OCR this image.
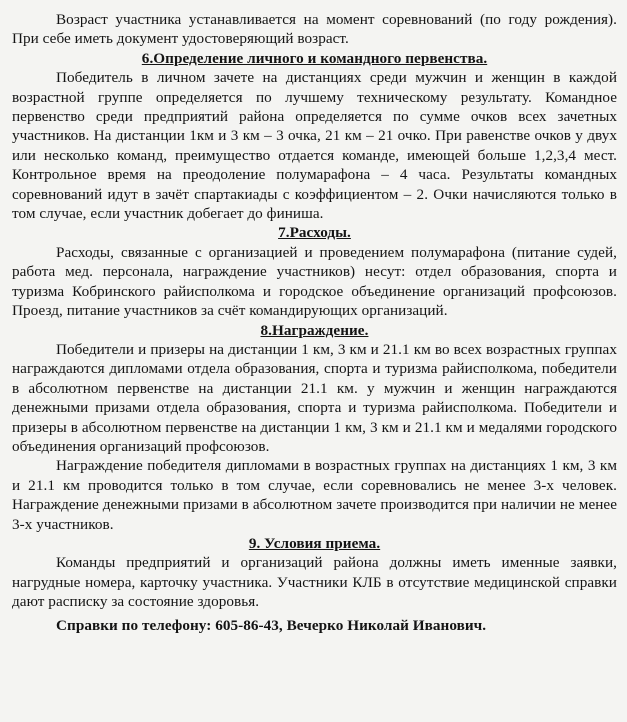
Возраст участника устанавливается на момент соревнований (по году рождения). При себе иметь документ удостоверяющий возраст.

6.Определение личного и командного первенства.

Победитель в личном зачете на дистанциях среди мужчин и женщин в каждой возрастной группе определяется по лучшему техническому результату. Командное первенство среди предприятий района определяется по сумме очков всех зачетных участников. На дистанции 1км и 3 км – 3 очка, 21 км – 21 очко. При равенстве очков у двух или несколько команд, преимущество отдается команде, имеющей больше 1,2,3,4 мест. Контрольное время на преодоление полумарафона – 4 часа. Результаты командных соревнований идут в зачёт спартакиады с коэффициентом – 2. Очки начисляются только в том случае, если участник добегает до финиша.

7.Расходы.

Расходы, связанные с организацией и проведением полумарафона (питание судей, работа мед. персонала, награждение участников) несут: отдел образования, спорта и туризма Кобринского райисполкома и городское объединение организаций профсоюзов. Проезд, питание участников за счёт командирующих организаций.

8.Награждение.

Победители и призеры на дистанции 1 км, 3 км и 21.1 км во всех возрастных группах награждаются дипломами отдела образования, спорта и туризма райисполкома, победители в абсолютном первенстве на дистанции 21.1 км. у мужчин и женщин награждаются денежными призами отдела образования, спорта и туризма райисполкома. Победители и призеры в абсолютном первенстве на дистанции 1 км, 3 км и 21.1 км и медалями городского объединения организаций профсоюзов.

Награждение победителя дипломами в возрастных группах на дистанциях 1 км, 3 км и 21.1 км проводится только в том случае, если соревновались не менее 3-х человек. Награждение денежными призами в абсолютном зачете производится при наличии не менее 3-х участников.

9. Условия приема.

Команды предприятий и организаций района должны иметь именные заявки, нагрудные номера, карточку участника. Участники КЛБ в отсутствие медицинской справки дают расписку за состояние здоровья.

Справки по телефону: 605-86-43, Вечерко Николай Иванович.
